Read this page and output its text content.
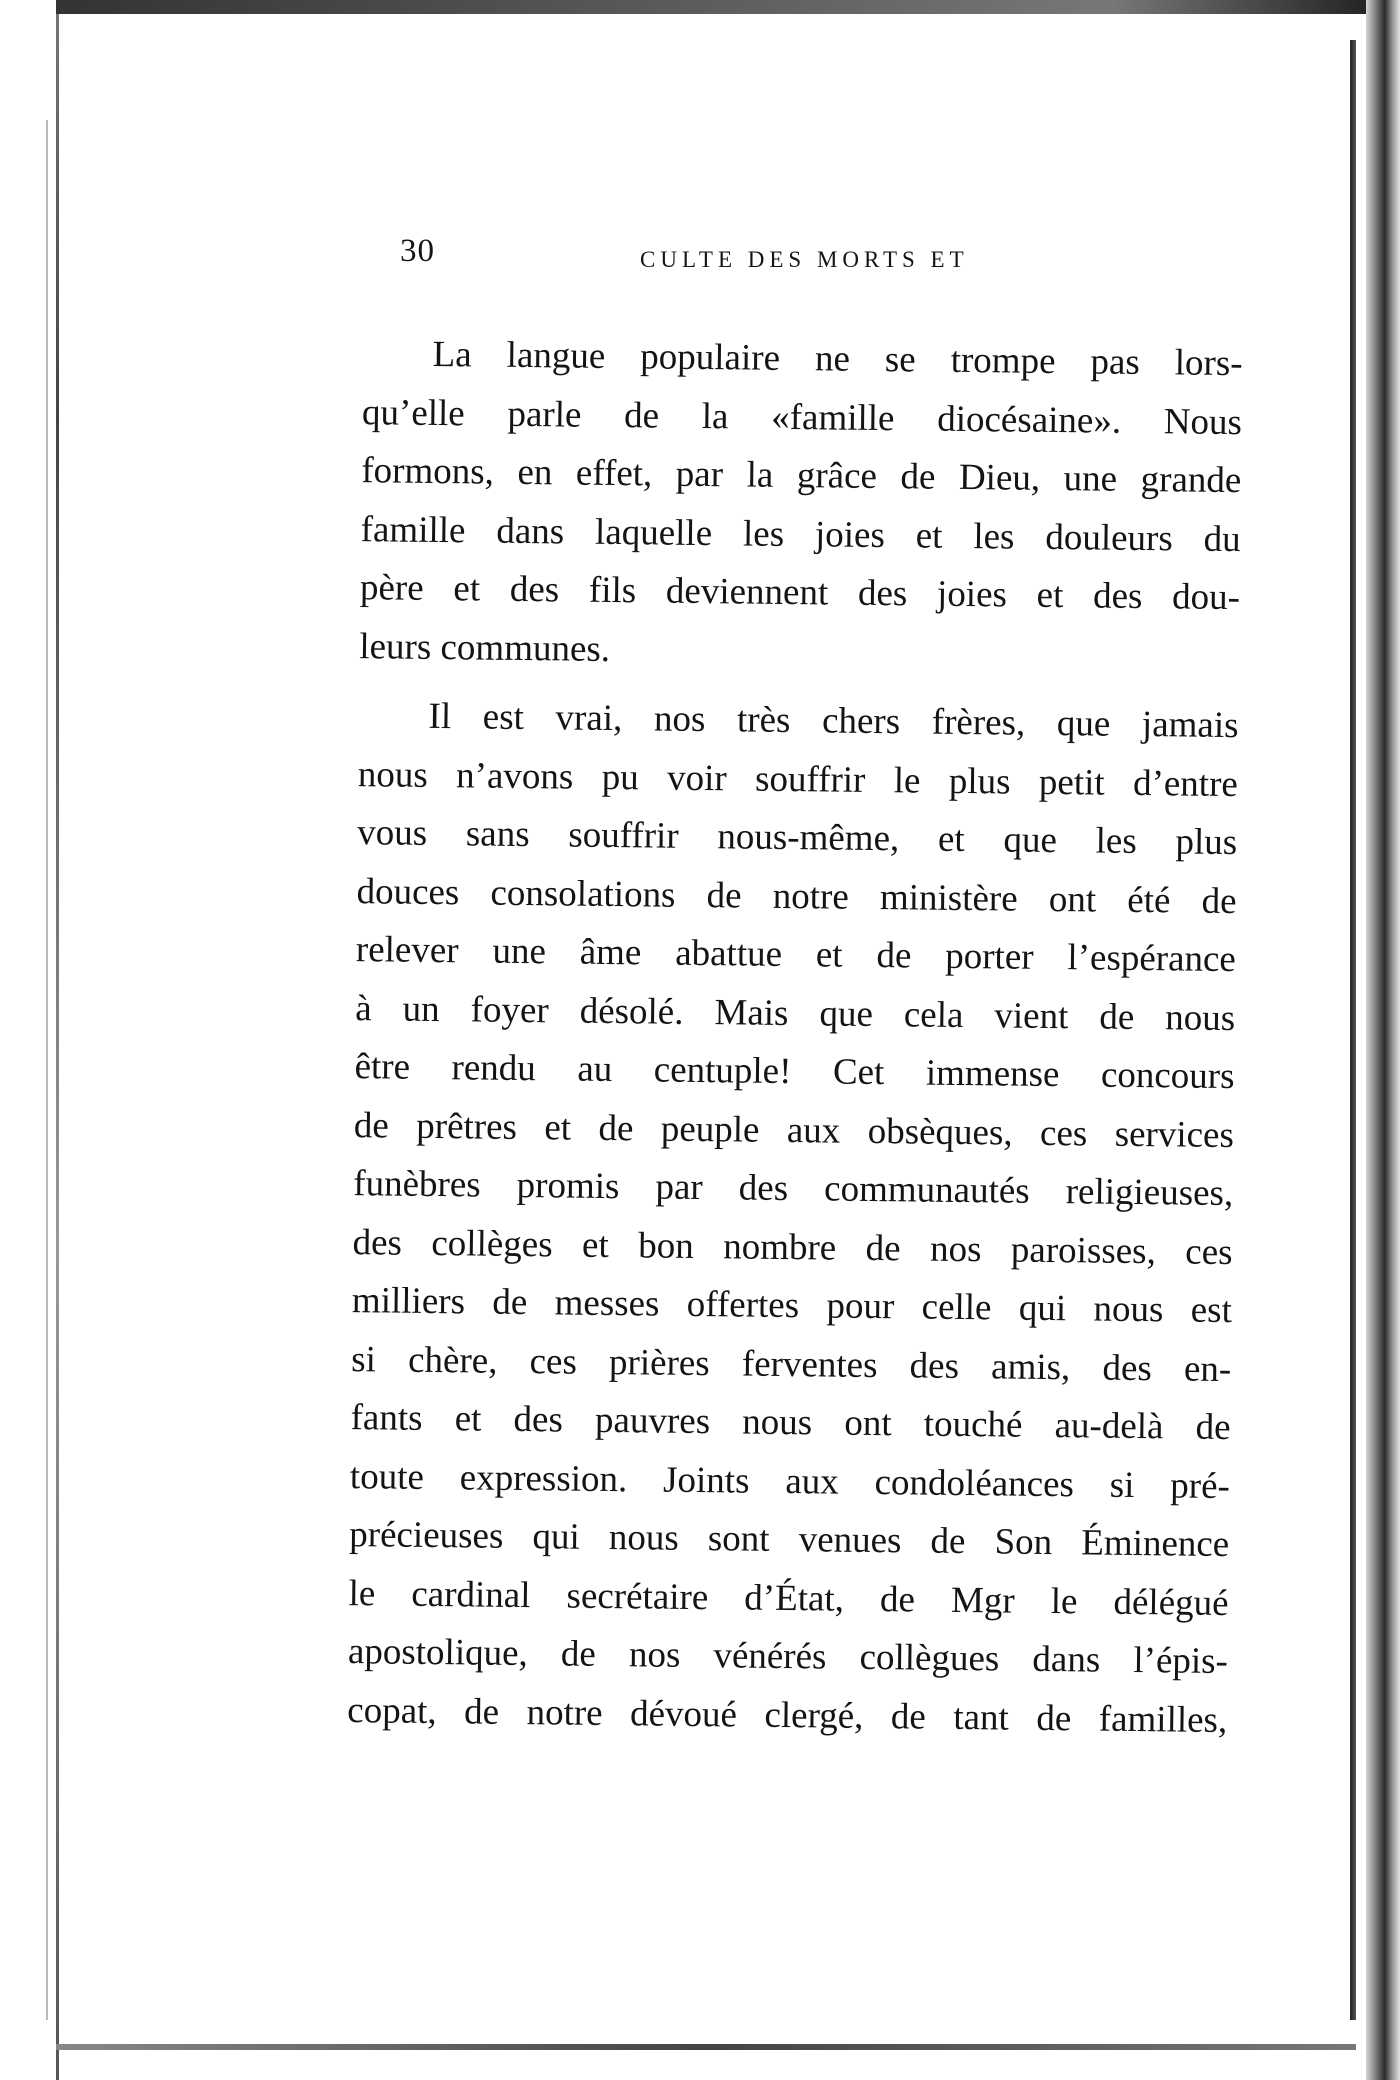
30	CULTE DES MORTS ET
La langue populaire ne se trompe pas lors-
qu’elle parle de la «famille diocésaine». Nous
formons, en effet, par la grâce de Dieu, une grande
famille dans laquelle les joies et les douleurs du
père et des fils deviennent des joies et des dou-
leurs communes.
Il est vrai, nos très chers frères, que jamais
nous n’avons pu voir souffrir le plus petit d’entre
vous sans souffrir nous-même, et que les plus
douces consolations de notre ministère ont été de
relever une âme abattue et de porter l’espérance
à un foyer désolé. Mais que cela vient de nous
être rendu au centuple! Cet immense concours
de prêtres et de peuple aux obsèques, ces services
funèbres promis par des communautés religieuses,
des collèges et bon nombre de nos paroisses, ces
milliers de messes offertes pour celle qui nous est
si chère, ces prières ferventes des amis, des en-
fants et des pauvres nous ont touché au-delà de
toute expression. Joints aux condoléances si pré-
précieuses qui nous sont venues de Son Éminence
le cardinal secrétaire d’État, de Mgr le délégué
apostolique, de nos vénérés collègues dans l’épis-
copat, de notre dévoué clergé, de tant de familles,
